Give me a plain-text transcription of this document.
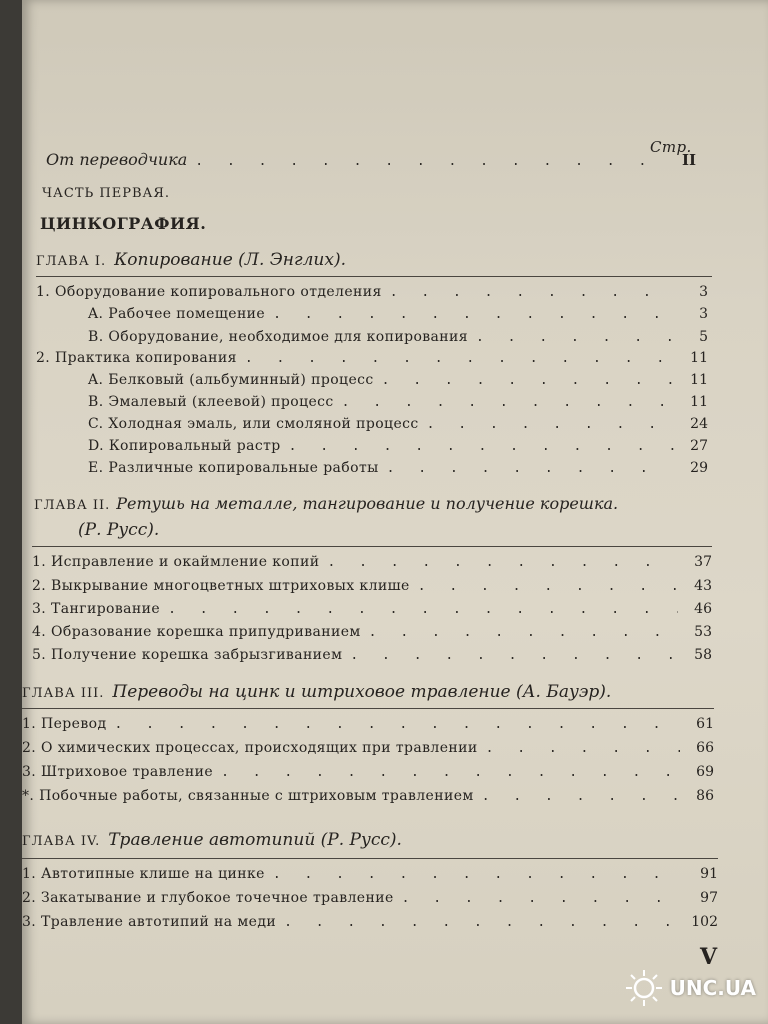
Стр.
От переводчика . . .	II
ЧАСТЬ ПЕРВАЯ.
ЦИНКОГРАФИЯ.
ГЛАВА I. Копирование (Л. Энглих).
1. Оборудование копировального отделения . . .	3
A. Рабочее помещение . . .	3
B. Оборудование, необходимое для копирования . . .	5
2. Практика копирования . . .	11
A. Белковый (альбуминный) процесс . . .	11
B. Эмалевый (клеевой) процесс . . .	11
C. Холодная эмаль, или смоляной процесс . . .	24
D. Копировальный растр . . .	27
E. Различные копировальные работы . . .	29
ГЛАВА II. Ретушь на металле, тангирование и получение корешка.
(Р. Русс).
1. Исправление и окаймление копий . . .	37
2. Выкрывание многоцветных штриховых клише . . .	43
3. Тангирование . . .	46
4. Образование корешка припудриванием . . .	53
5. Получение корешка забрызгиванием . . .	58
ГЛАВА III. Переводы на цинк и штриховое травление (А. Бауэр).
1. Перевод . . .	61
2. О химических процессах, происходящих при травлении . . .	66
3. Штриховое травление . . .	69
*. Побочные работы, связанные с штриховым травлением . . .	86
ГЛАВА IV. Травление автотипий (Р. Русс).
1. Автотипные клише на цинке . . .	91
2. Закатывание и глубокое точечное травление . . .	97
3. Травление автотипий на меди . . .	102
V
UNC.UA
